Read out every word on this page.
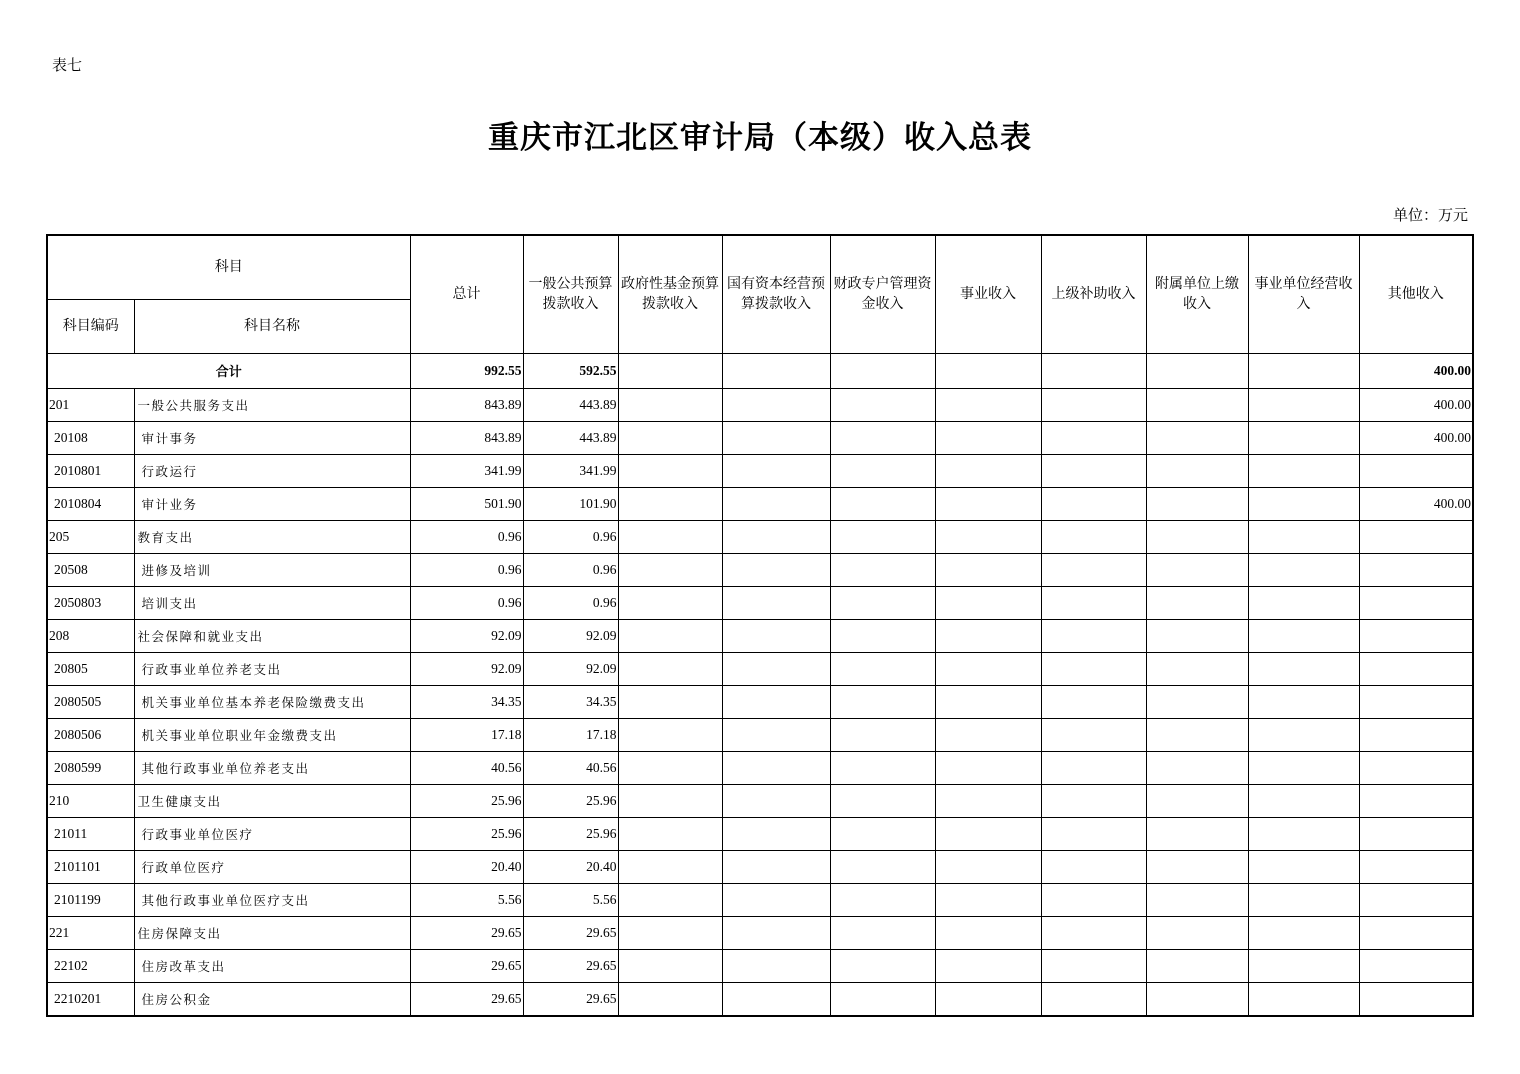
表七
重庆市江北区审计局（本级）收入总表
单位：万元
科目		总计	一般公共预算拨款收入	政府性基金预算拨款收入	国有资本经营预算拨款收入	财政专户管理资金收入	事业收入	上级补助收入	附属单位上缴收入	事业单位经营收入	其他收入
科目编码	科目名称										
合计		992.55	592.55								400.00
201	一般公共服务支出	843.89	443.89								400.00
20108	审计事务	843.89	443.89								400.00
2010801	行政运行	341.99	341.99								
2010804	审计业务	501.90	101.90								400.00
205	教育支出	0.96	0.96								
20508	进修及培训	0.96	0.96								
2050803	培训支出	0.96	0.96								
208	社会保障和就业支出	92.09	92.09								
20805	行政事业单位养老支出	92.09	92.09								
2080505	机关事业单位基本养老保险缴费支出	34.35	34.35								
2080506	机关事业单位职业年金缴费支出	17.18	17.18								
2080599	其他行政事业单位养老支出	40.56	40.56								
210	卫生健康支出	25.96	25.96								
21011	行政事业单位医疗	25.96	25.96								
2101101	行政单位医疗	20.40	20.40								
2101199	其他行政事业单位医疗支出	5.56	5.56								
221	住房保障支出	29.65	29.65								
22102	住房改革支出	29.65	29.65								
2210201	住房公积金	29.65	29.65								
